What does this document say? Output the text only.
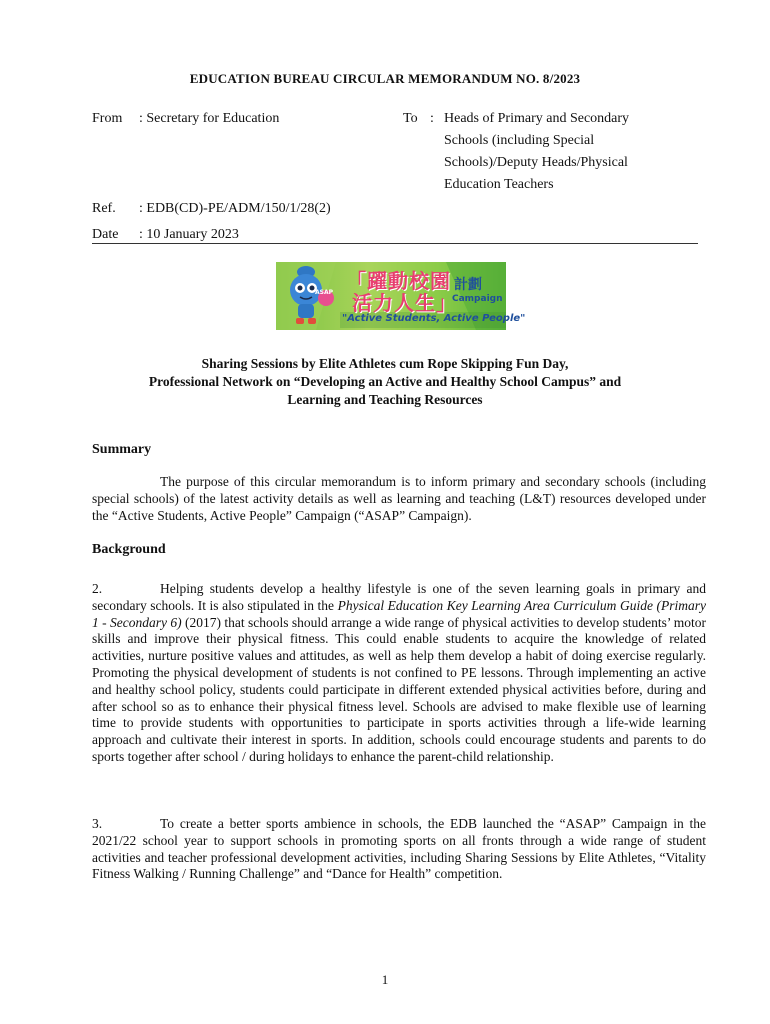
EDUCATION BUREAU CIRCULAR MEMORANDUM NO. 8/2023
From : Secretary for Education	To : Heads of Primary and Secondary
Schools (including Special
Schools)/Deputy Heads/Physical
Education Teachers
Ref. : EDB(CD)-PE/ADM/150/1/28(2)
Date : 10 January 2023
ASAP 「躍動校園
活力人生」
計劃
Campaign
"Active Students, Active People"
Sharing Sessions by Elite Athletes cum Rope Skipping Fun Day,
Professional Network on “Developing an Active and Healthy School Campus” and
Learning and Teaching Resources
Summary

The purpose of this circular memorandum is to inform primary and secondary schools (including special schools) of the latest activity details as well as learning and teaching (L&T) resources developed under the “Active Students, Active People” Campaign (“ASAP” Campaign).

Background

2.	Helping students develop a healthy lifestyle is one of the seven learning goals in primary and secondary schools. It is also stipulated in the Physical Education Key Learning Area Curriculum Guide (Primary 1 - Secondary 6) (2017) that schools should arrange a wide range of physical activities to develop students’ motor skills and improve their physical fitness. This could enable students to acquire the knowledge of related activities, nurture positive values and attitudes, as well as help them develop a habit of doing exercise regularly. Promoting the physical development of students is not confined to PE lessons. Through implementing an active and healthy school policy, students could participate in different extended physical activities before, during and after school so as to enhance their physical fitness level. Schools are advised to make flexible use of learning time to provide students with opportunities to participate in sports activities through a life-wide learning approach and cultivate their interest in sports. In addition, schools could encourage students and parents to do sports together after school / during holidays to enhance the parent-child relationship.

3.	To create a better sports ambience in schools, the EDB launched the “ASAP” Campaign in the 2021/22 school year to support schools in promoting sports on all fronts through a wide range of student activities and teacher professional development activities, including Sharing Sessions by Elite Athletes, “Vitality Fitness Walking / Running Challenge” and “Dance for Health” competition.

1
